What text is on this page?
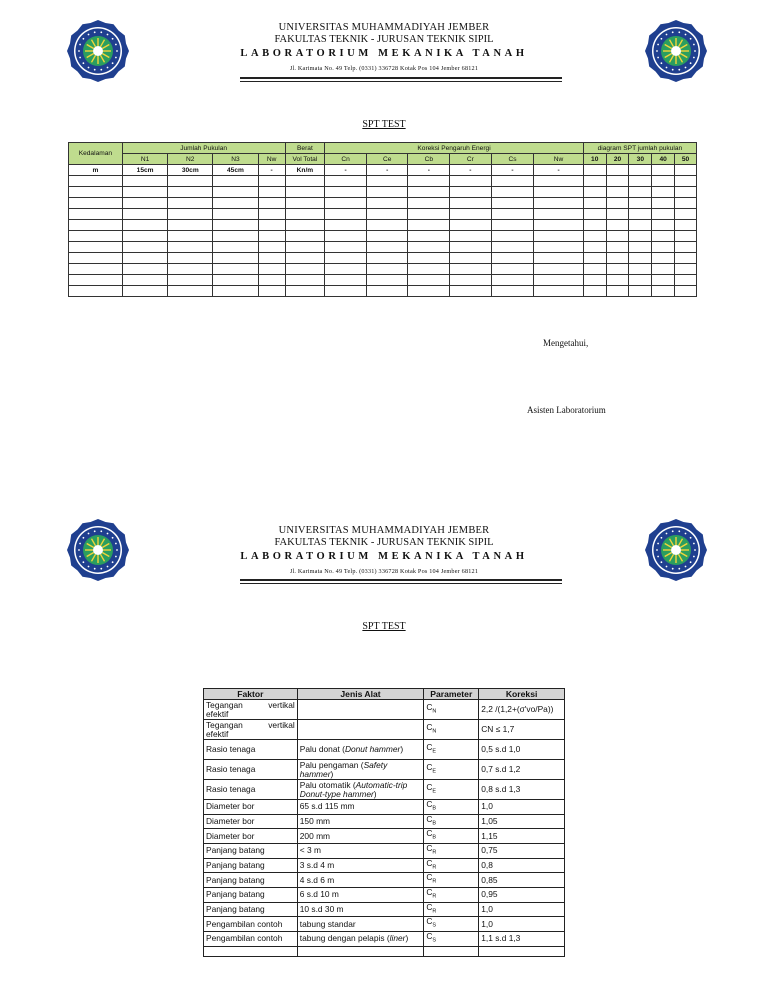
UNIVERSITAS MUHAMMADIYAH JEMBER
FAKULTAS TEKNIK - JURUSAN TEKNIK SIPIL
LABORATORIUM MEKANIKA TANAH
Jl. Karimata No. 49 Telp. (0331) 336728 Kotak Pos 104 Jember 68121
SPT TEST
Kedalaman	Jumlah Pukulan				Berat	Koreksi Pengaruh Energi						diagram SPT jumlah pukulan				
	N1	N2	N3	Nw	Vol Total	Cn	Ce	Cb	Cr	Cs	Nw	10	20	30	40	50
m	15cm	30cm	45cm	-	Kn/m	-	-	-	-	-	-					

Mengetahui,
Asisten Laboratorium
UNIVERSITAS MUHAMMADIYAH JEMBER
FAKULTAS TEKNIK - JURUSAN TEKNIK SIPIL
LABORATORIUM MEKANIKA TANAH
Jl. Karimata No. 49 Telp. (0331) 336728 Kotak Pos 104 Jember 68121
SPT TEST
Faktor	Jenis Alat	Parameter	Koreksi
Tegangan vertikal efektif		$C_N$	2,2 /(1,2+(σ'vo/Pa))
Tegangan vertikal efektif		$C_N$	CN ≤ 1,7
Rasio tenaga	Palu donat (Donut hammer)	$C_E$	0,5 s.d 1,0
Rasio tenaga	Palu pengaman (Safety hammer)	$C_E$	0,7 s.d 1,2
Rasio tenaga	Palu otomatik (Automatic-trip Donut-type hammer)	$C_E$	0,8 s.d 1,3
Diameter bor	65 s.d 115 mm	$C_B$	1,0
Diameter bor	150 mm	$C_B$	1,05
Diameter bor	200 mm	$C_B$	1,15
Panjang batang	< 3 m	$C_R$	0,75
Panjang batang	3 s.d 4 m	$C_R$	0,8
Panjang batang	4 s.d 6 m	$C_R$	0,85
Panjang batang	6 s.d 10 m	$C_R$	0,95
Panjang batang	10 s.d 30 m	$C_R$	1,0
Pengambilan contoh	tabung standar	$C_S$	1,0
Pengambilan contoh	tabung dengan pelapis (liner)	$C_S$	1,1 s.d 1,3
